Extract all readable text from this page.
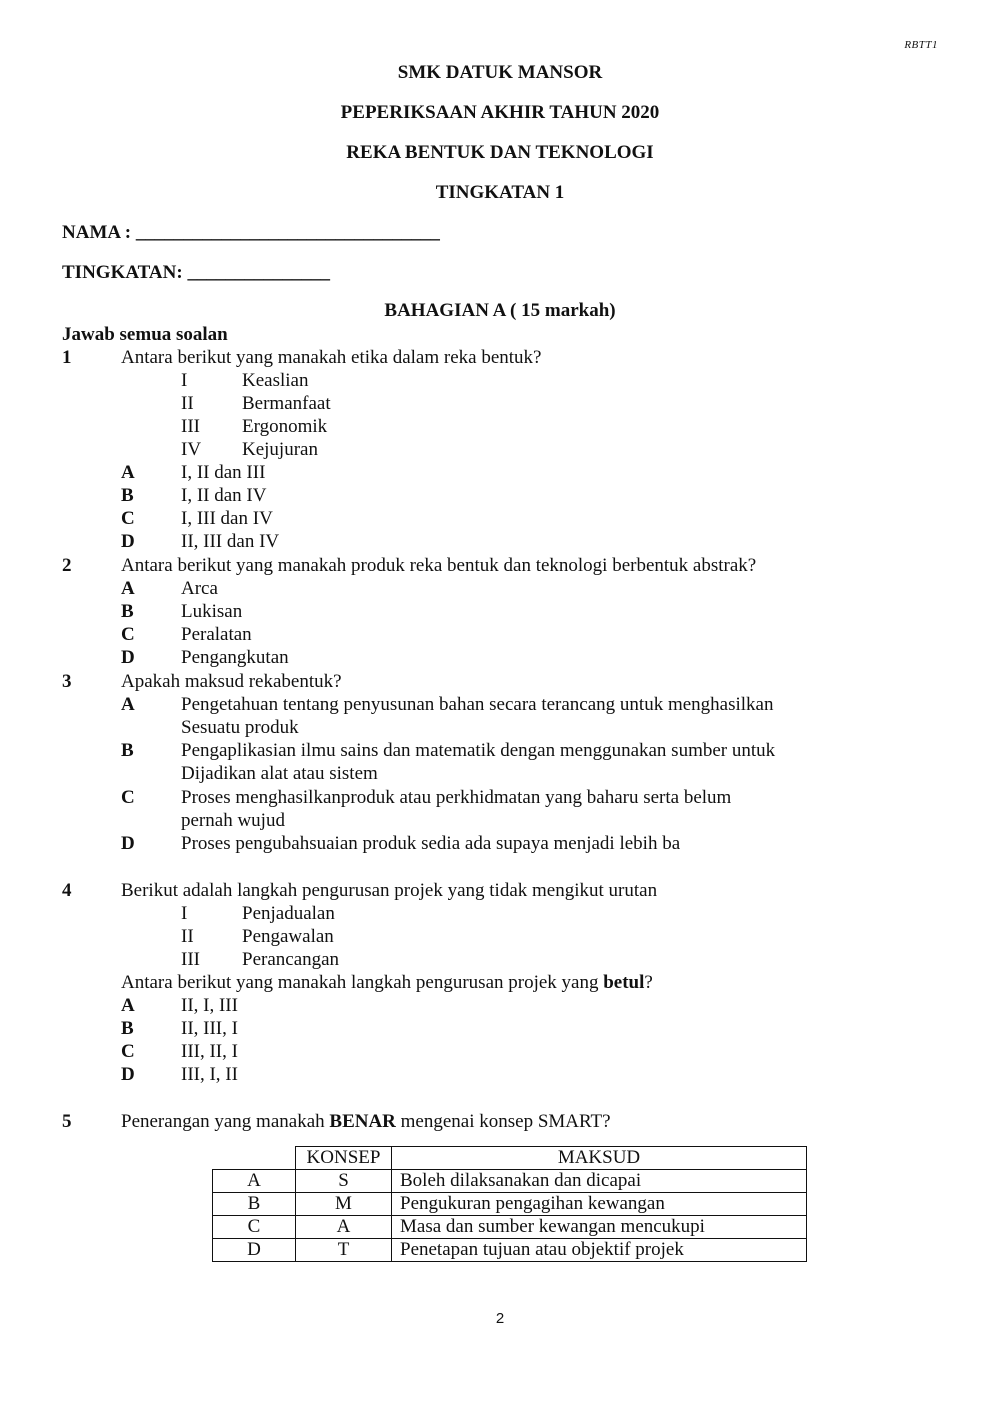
RBTT1
SMK DATUK MANSOR
PEPERIKSAAN AKHIR TAHUN 2020
REKA BENTUK DAN TEKNOLOGI
TINGKATAN 1
NAMA : ________________________________
TINGKATAN: _______________
BAHAGIAN A ( 15 markah)
Jawab semua soalan
1	Antara berikut yang manakah etika dalam reka bentuk?
I	Keaslian
II	Bermanfaat
III Ergonomik
IV Kejujuran
A I, II dan III
B I, II dan IV
C I, III dan IV
D II, III dan IV
2	Antara berikut yang manakah produk reka bentuk dan teknologi berbentuk abstrak?
A Arca
B Lukisan
C Peralatan
D Pengangkutan
3	Apakah maksud rekabentuk?
A Pengetahuan tentang penyusunan bahan secara terancang untuk menghasilkan
Sesuatu produk
B Pengaplikasian ilmu sains dan matematik dengan menggunakan sumber untuk
Dijadikan alat atau sistem
C Proses menghasilkanproduk atau perkhidmatan yang baharu serta belum
pernah wujud
D Proses pengubahsuaian produk sedia ada supaya menjadi lebih ba
4	Berikut adalah langkah pengurusan projek yang tidak mengikut urutan
I	Penjadualan
II	Pengawalan
III Perancangan
Antara berikut yang manakah langkah pengurusan projek yang betul?
A II, I, III
B II, III, I
C III, II, I
D III, I, II
5	Penerangan yang manakah BENAR mengenai konsep SMART?
	KONSEP	MAKSUD
A	S	Boleh dilaksanakan dan dicapai
B	M	Pengukuran pengagihan kewangan
C	A	Masa dan sumber kewangan mencukupi
D	T	Penetapan tujuan atau objektif projek
2
